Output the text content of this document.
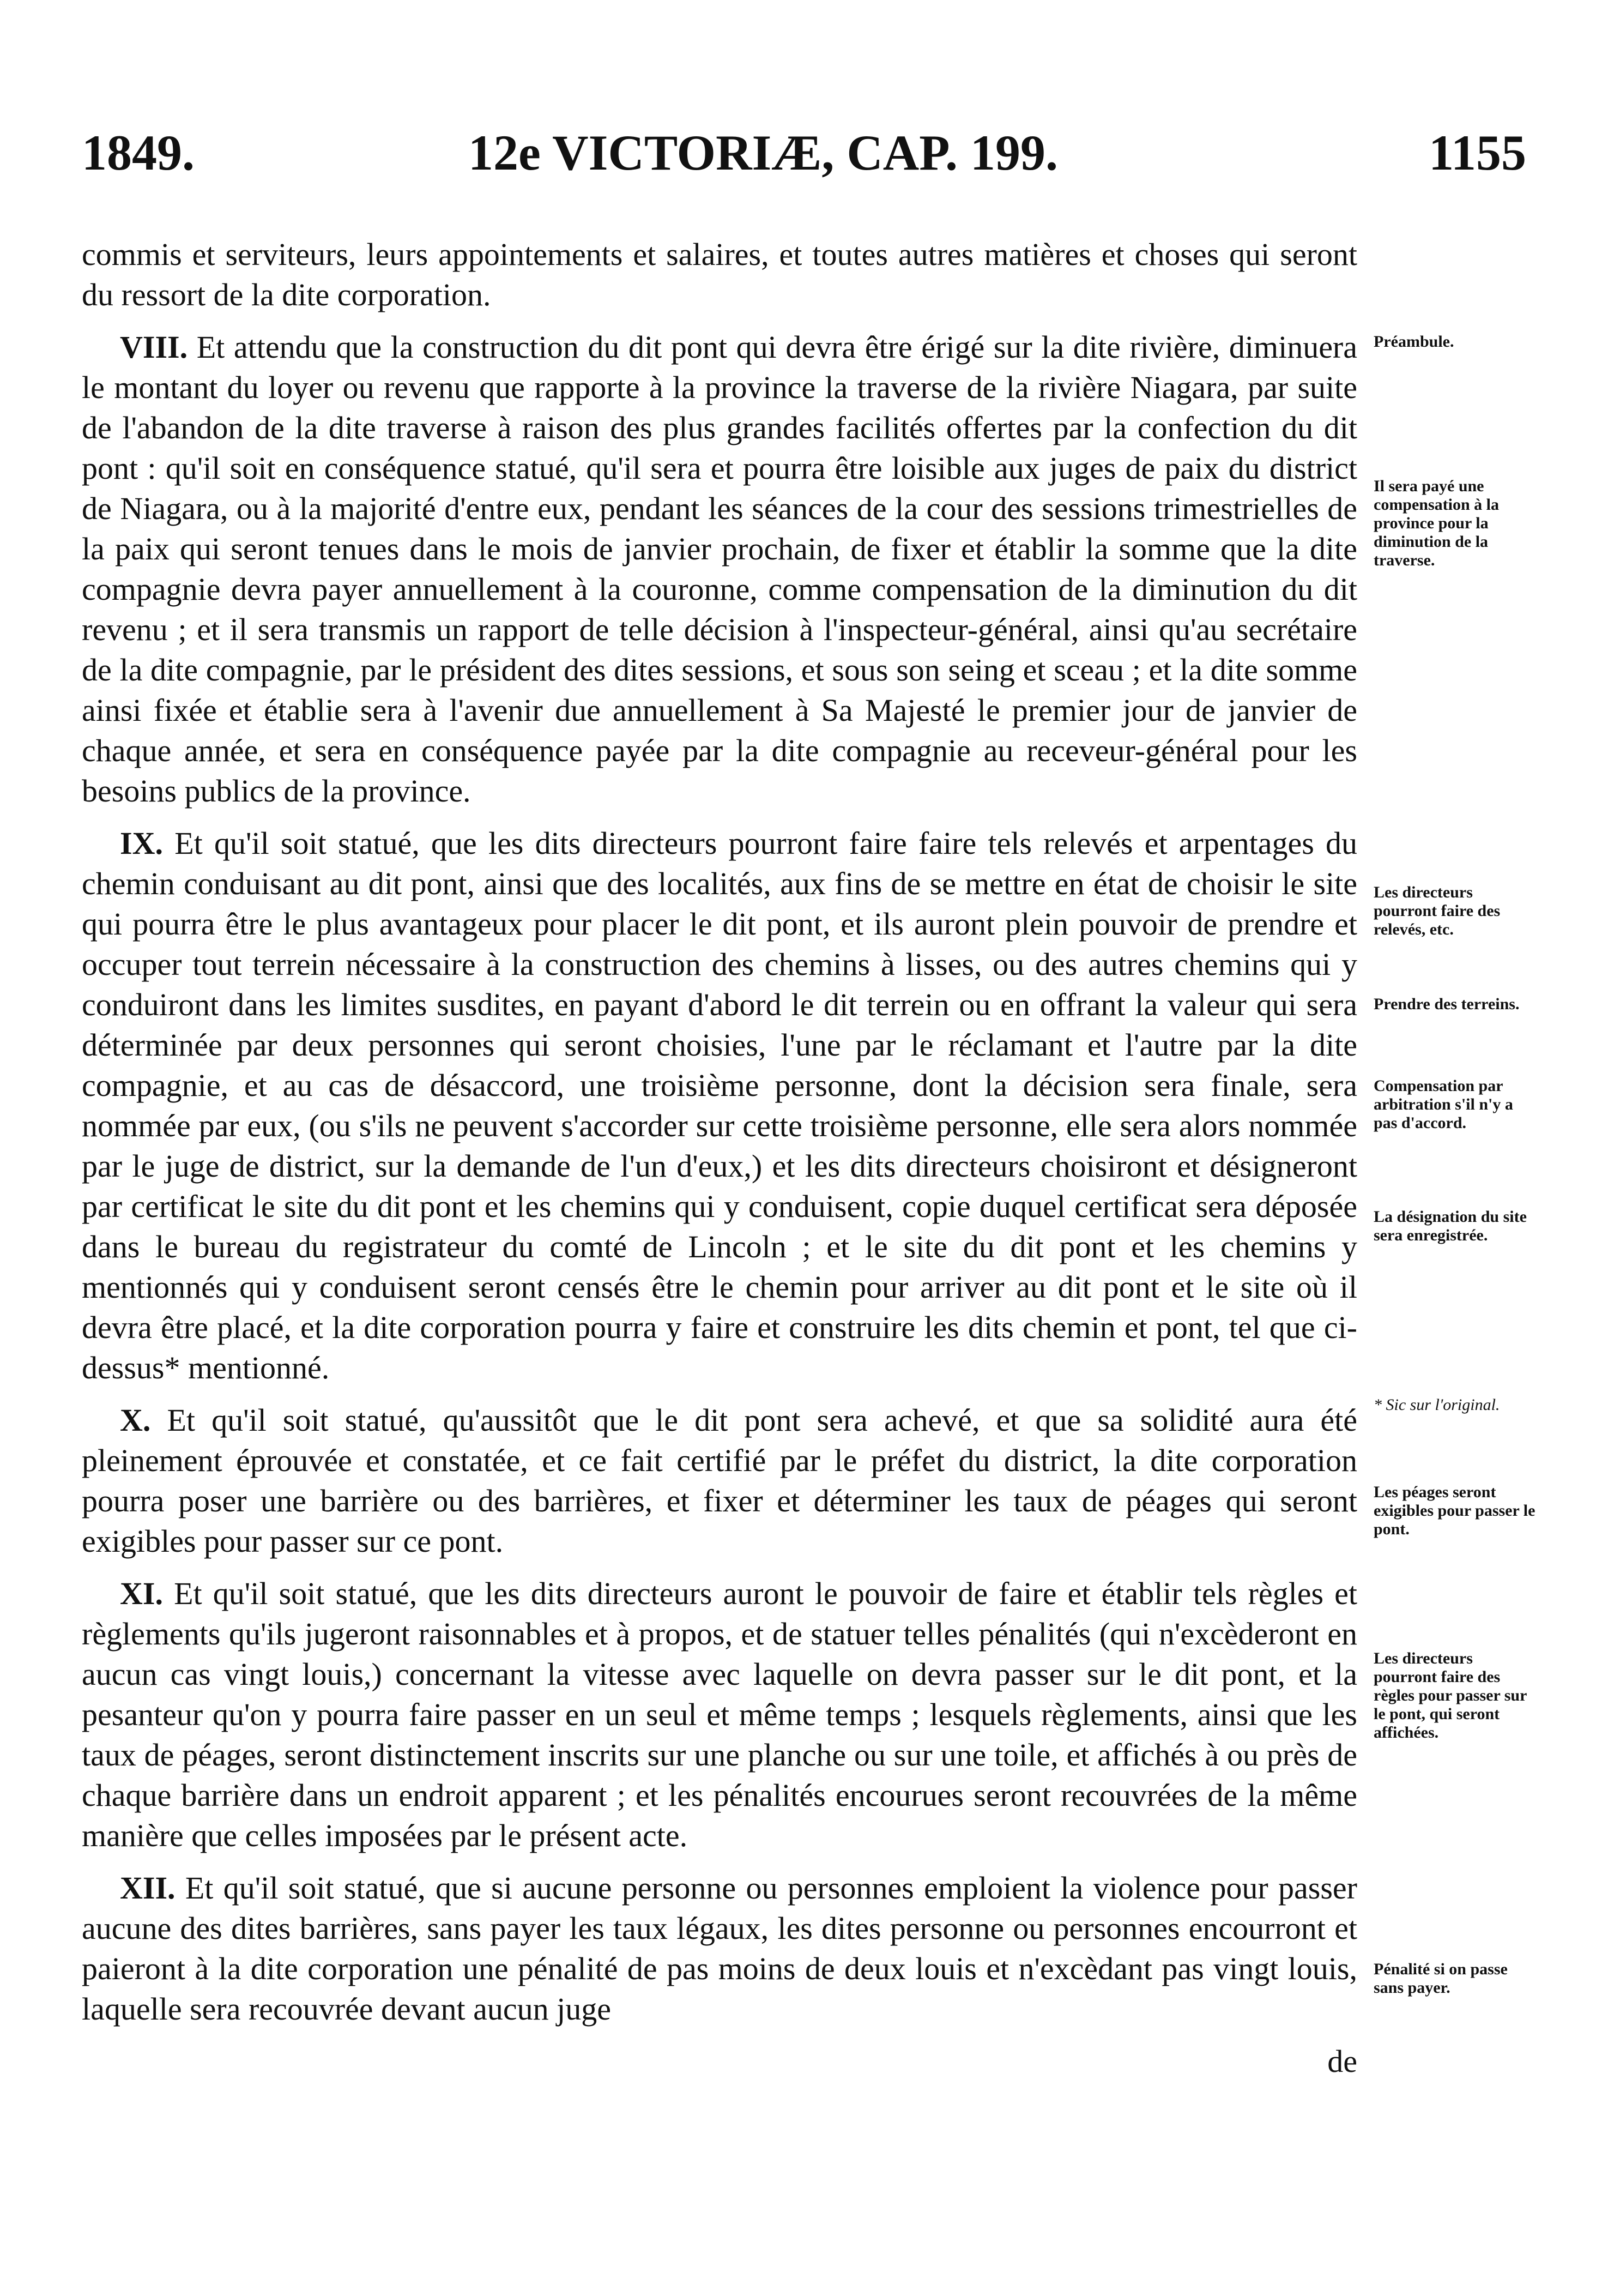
1849.	12e VICTORIÆ, CAP. 199.	1155

commis et serviteurs, leurs appointements et salaires, et toutes autres matières et choses qui seront du ressort de la dite corporation.

VIII. Et attendu que la construction du dit pont qui devra être érigé sur la dite rivière, diminuera le montant du loyer ou revenu que rapporte à la province la traverse de la rivière Niagara, par suite de l'abandon de la dite traverse à raison des plus grandes facilités offertes par la confection du dit pont : qu'il soit en conséquence statué, qu'il sera et pourra être loisible aux juges de paix du district de Niagara, ou à la majorité d'entre eux, pendant les séances de la cour des sessions trimestrielles de la paix qui seront tenues dans le mois de janvier prochain, de fixer et établir la somme que la dite compagnie devra payer annuellement à la couronne, comme compensation de la diminution du dit revenu ; et il sera transmis un rapport de telle décision à l'inspecteur-général, ainsi qu'au secrétaire de la dite compagnie, par le président des dites sessions, et sous son seing et sceau ; et la dite somme ainsi fixée et établie sera à l'avenir due annuellement à Sa Majesté le premier jour de janvier de chaque année, et sera en conséquence payée par la dite compagnie au receveur-général pour les besoins publics de la province.

IX. Et qu'il soit statué, que les dits directeurs pourront faire faire tels relevés et arpentages du chemin conduisant au dit pont, ainsi que des localités, aux fins de se mettre en état de choisir le site qui pourra être le plus avantageux pour placer le dit pont, et ils auront plein pouvoir de prendre et occuper tout terrein nécessaire à la construction des chemins à lisses, ou des autres chemins qui y conduiront dans les limites susdites, en payant d'abord le dit terrein ou en offrant la valeur qui sera déterminée par deux personnes qui seront choisies, l'une par le réclamant et l'autre par la dite compagnie, et au cas de désaccord, une troisième personne, dont la décision sera finale, sera nommée par eux, (ou s'ils ne peuvent s'accorder sur cette troisième personne, elle sera alors nommée par le juge de district, sur la demande de l'un d'eux,) et les dits directeurs choisiront et désigneront par certificat le site du dit pont et les chemins qui y conduisent, copie duquel certificat sera déposée dans le bureau du registrateur du comté de Lincoln ; et le site du dit pont et les chemins y mentionnés qui y conduisent seront censés être le chemin pour arriver au dit pont et le site où il devra être placé, et la dite corporation pourra y faire et construire les dits chemin et pont, tel que ci-dessus* mentionné.

X. Et qu'il soit statué, qu'aussitôt que le dit pont sera achevé, et que sa solidité aura été pleinement éprouvée et constatée, et ce fait certifié par le préfet du district, la dite corporation pourra poser une barrière ou des barrières, et fixer et déterminer les taux de péages qui seront exigibles pour passer sur ce pont.

XI. Et qu'il soit statué, que les dits directeurs auront le pouvoir de faire et établir tels règles et règlements qu'ils jugeront raisonnables et à propos, et de statuer telles pénalités (qui n'excèderont en aucun cas vingt louis,) concernant la vitesse avec laquelle on devra passer sur le dit pont, et la pesanteur qu'on y pourra faire passer en un seul et même temps ; lesquels règlements, ainsi que les taux de péages, seront distinctement inscrits sur une planche ou sur une toile, et affichés à ou près de chaque barrière dans un endroit apparent ; et les pénalités encourues seront recouvrées de la même manière que celles imposées par le présent acte.

XII. Et qu'il soit statué, que si aucune personne ou personnes emploient la violence pour passer aucune des dites barrières, sans payer les taux légaux, les dites personne ou personnes encourront et paieront à la dite corporation une pénalité de pas moins de deux louis et n'excèdant pas vingt louis, laquelle sera recouvrée devant aucun juge

de

Préambule.
Il sera payé une compensation à la province pour la diminution de la traverse.
Les directeurs pourront faire des relevés, etc.
Prendre des terreins.
Compensation par arbitration s'il n'y a pas d'accord.
La désignation du site sera enregistrée.
* Sic sur l'original.
Les péages seront exigibles pour passer le pont.
Les directeurs pourront faire des règles pour passer sur le pont, qui seront affichées.
Pénalité si on passe sans payer.
